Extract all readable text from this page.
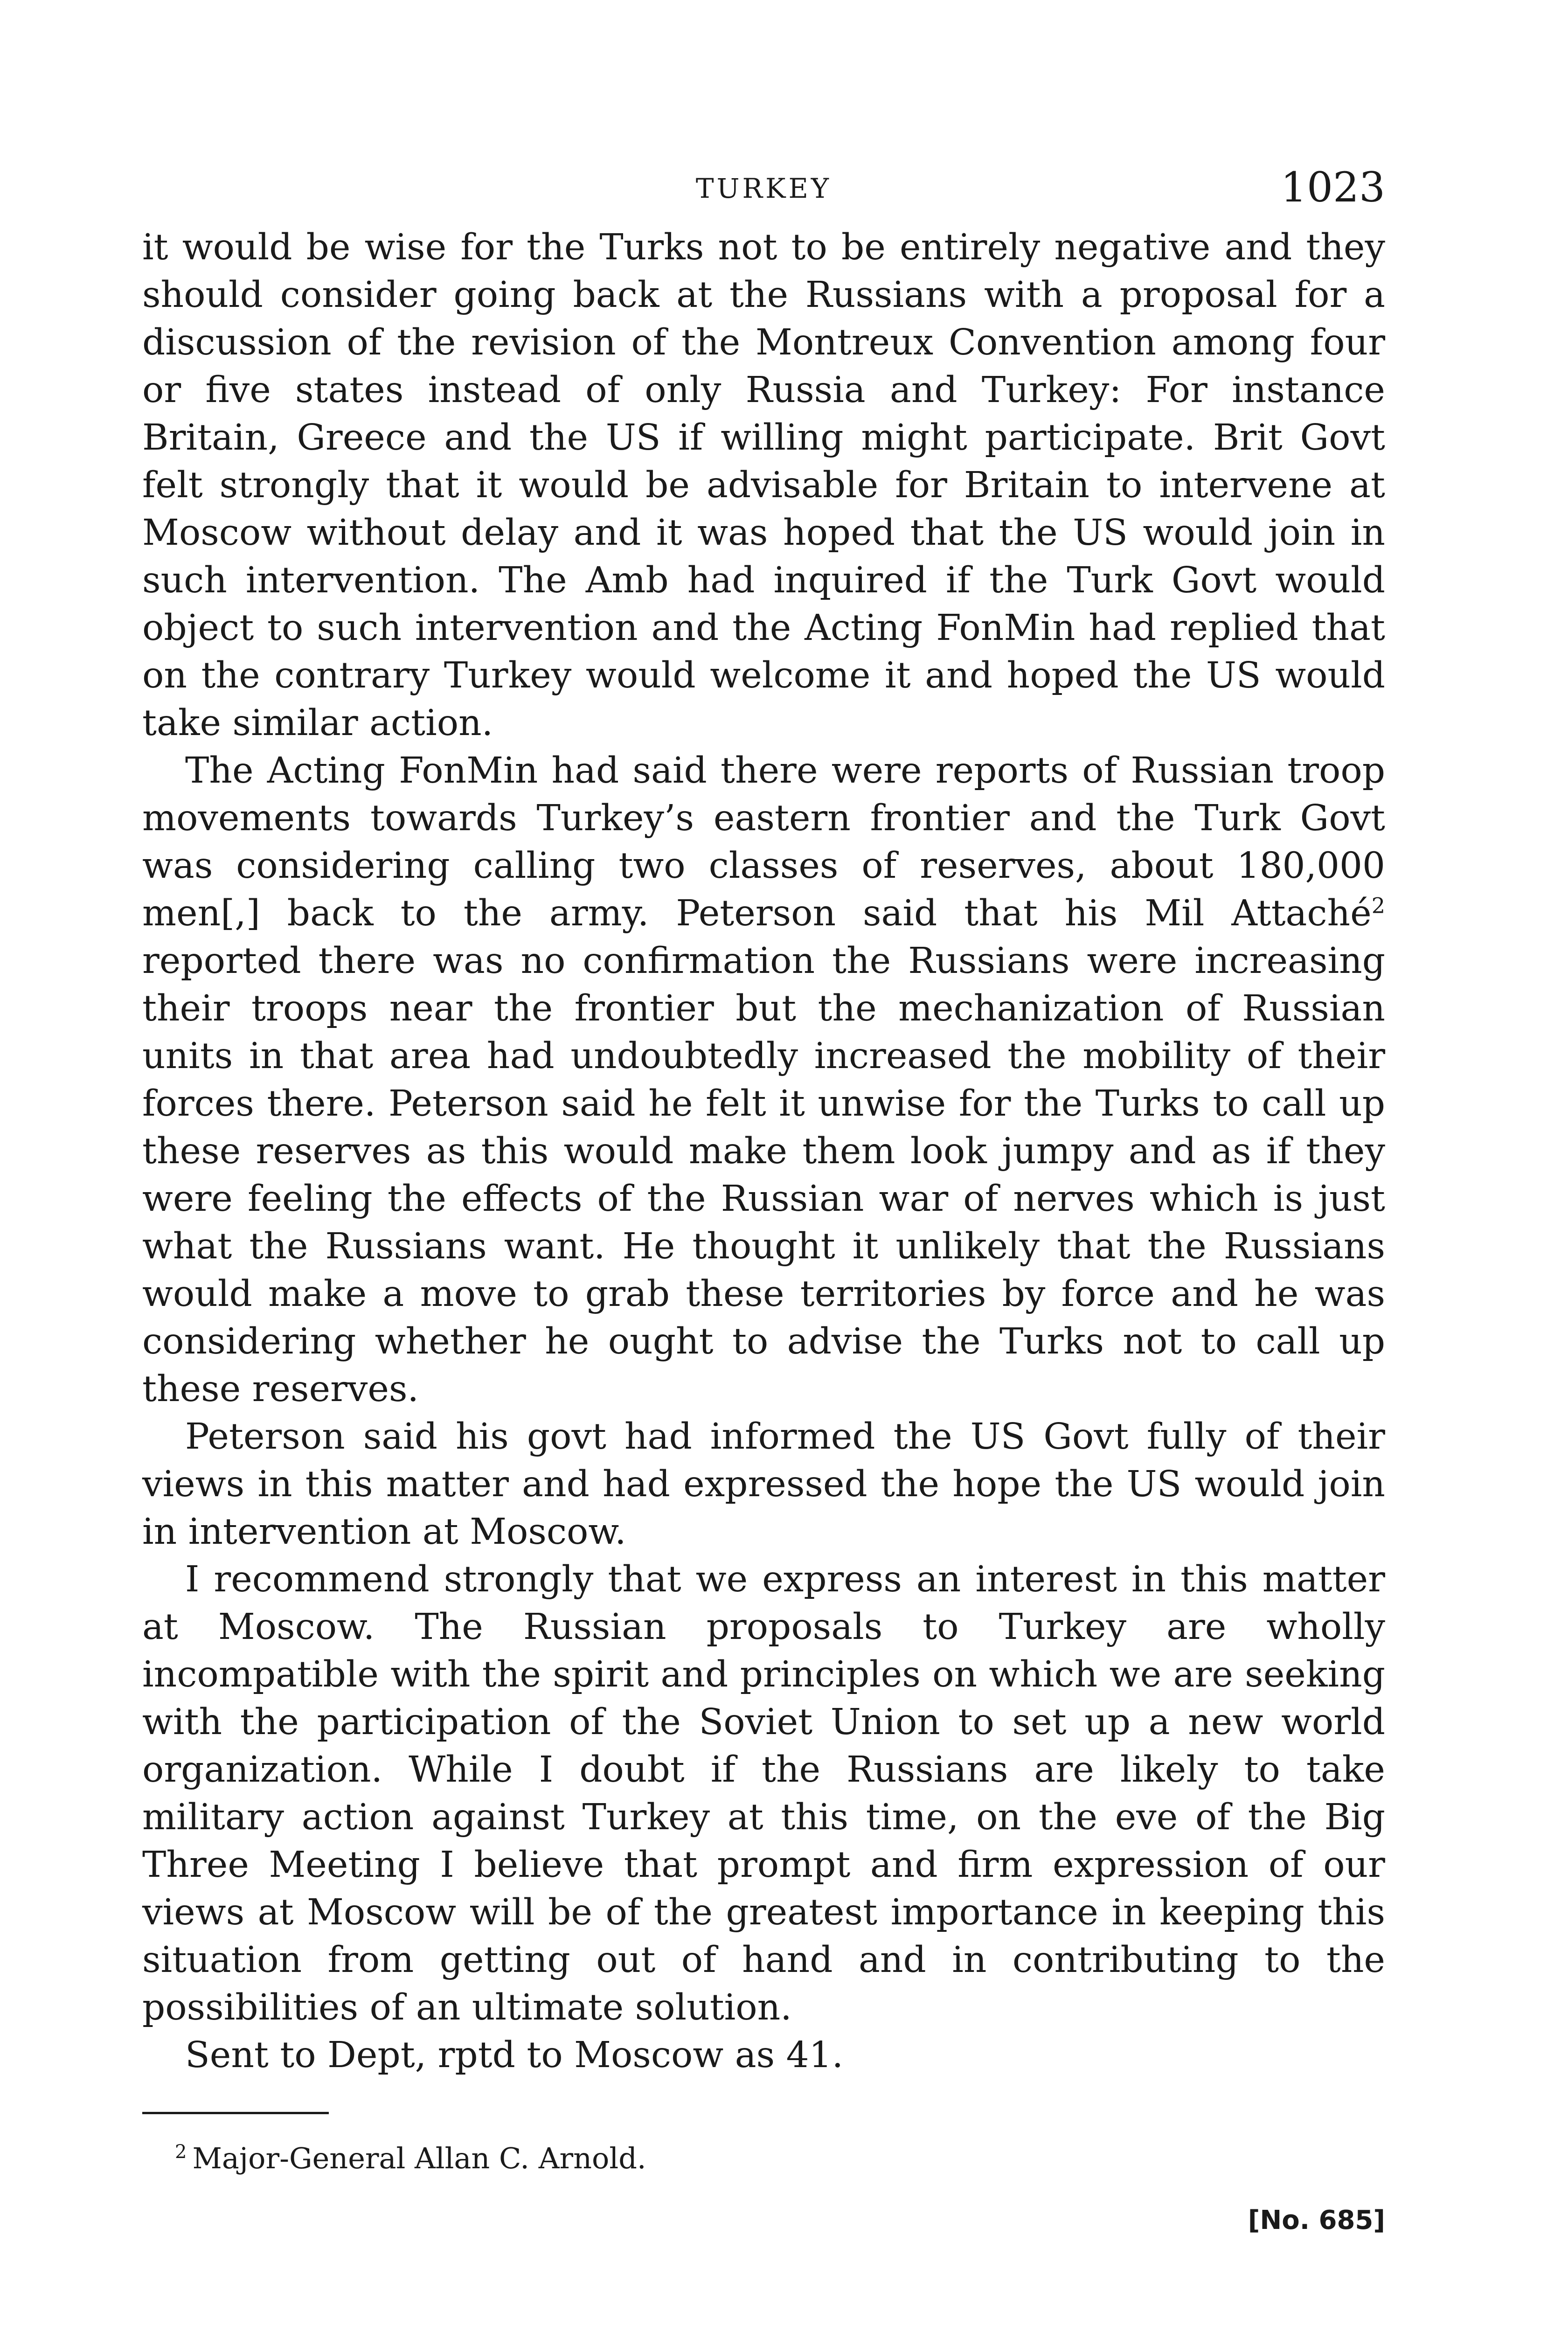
TURKEY	1023

it would be wise for the Turks not to be entirely negative and they should consider going back at the Russians with a proposal for a discussion of the revision of the Montreux Convention among four or five states instead of only Russia and Turkey: For instance Britain, Greece and the US if willing might participate. Brit Govt felt strongly that it would be advisable for Britain to intervene at Moscow without delay and it was hoped that the US would join in such intervention. The Amb had inquired if the Turk Govt would object to such intervention and the Acting FonMin had replied that on the contrary Turkey would welcome it and hoped the US would take similar action.

The Acting FonMin had said there were reports of Russian troop movements towards Turkey’s eastern frontier and the Turk Govt was considering calling two classes of reserves, about 180,000 men[,] back to the army. Peterson said that his Mil Attaché$^2$ reported there was no confirmation the Russians were increasing their troops near the frontier but the mechanization of Russian units in that area had undoubtedly increased the mobility of their forces there. Peterson said he felt it unwise for the Turks to call up these reserves as this would make them look jumpy and as if they were feeling the effects of the Russian war of nerves which is just what the Russians want. He thought it unlikely that the Russians would make a move to grab these territories by force and he was considering whether he ought to advise the Turks not to call up these reserves.

Peterson said his govt had informed the US Govt fully of their views in this matter and had expressed the hope the US would join in intervention at Moscow.

I recommend strongly that we express an interest in this matter at Moscow. The Russian proposals to Turkey are wholly incompatible with the spirit and principles on which we are seeking with the participation of the Soviet Union to set up a new world organization. While I doubt if the Russians are likely to take military action against Turkey at this time, on the eve of the Big Three Meeting I believe that prompt and firm expression of our views at Moscow will be of the greatest importance in keeping this situation from getting out of hand and in contributing to the possibilities of an ultimate solution.

Sent to Dept, rptd to Moscow as 41.

$^2$ Major-General Allan C. Arnold.
[No. 685]
